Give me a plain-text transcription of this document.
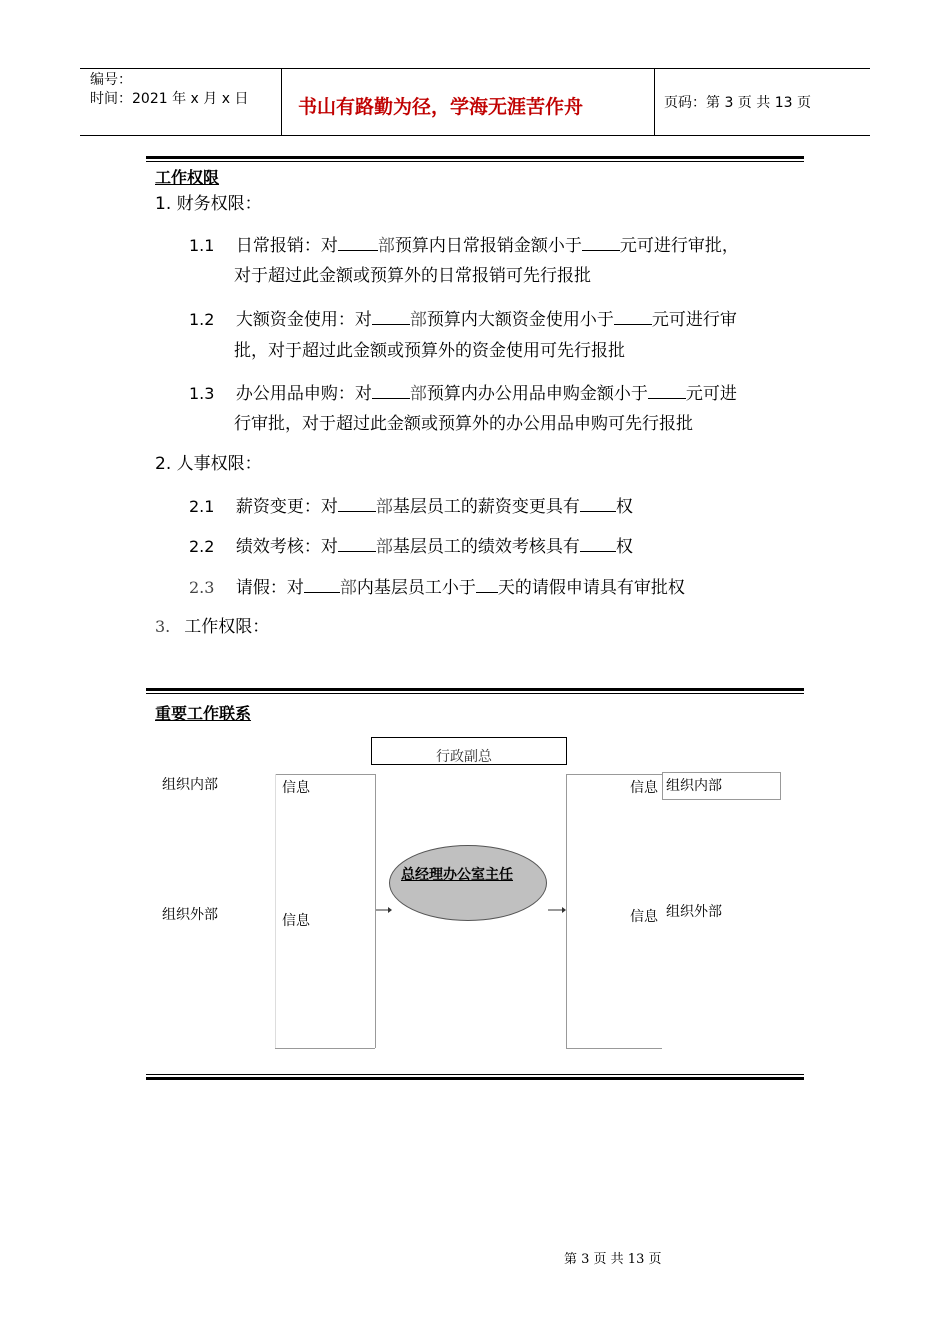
编号：
时间：2021 年 x 月 x 日	书山有路勤为径，学海无涯苦作舟	页码：第 3 页 共 13 页
工作权限
1. 财务权限：
1.1 日常报销：对 部预算内日常报销金额小于 元可进行审批，
对于超过此金额或预算外的日常报销可先行报批
1.2 大额资金使用：对 部预算内大额资金使用小于 元可进行审
批，对于超过此金额或预算外的资金使用可先行报批
1.3 办公用品申购：对 部预算内办公用品申购金额小于 元可进
行审批，对于超过此金额或预算外的办公用品申购可先行报批
2. 人事权限：
2.1 薪资变更：对 部基层员工的薪资变更具有 权
2.2 绩效考核：对 部基层员工的绩效考核具有 权
2.3 请假：对 部内基层员工小于 天的请假申请具有审批权
3. 工作权限：
重要工作联系
行政副总
组织内部
组织外部
信息
信息
总经理办公室主任
信息
信息
组织内部
组织外部
第 3 页 共 13 页
